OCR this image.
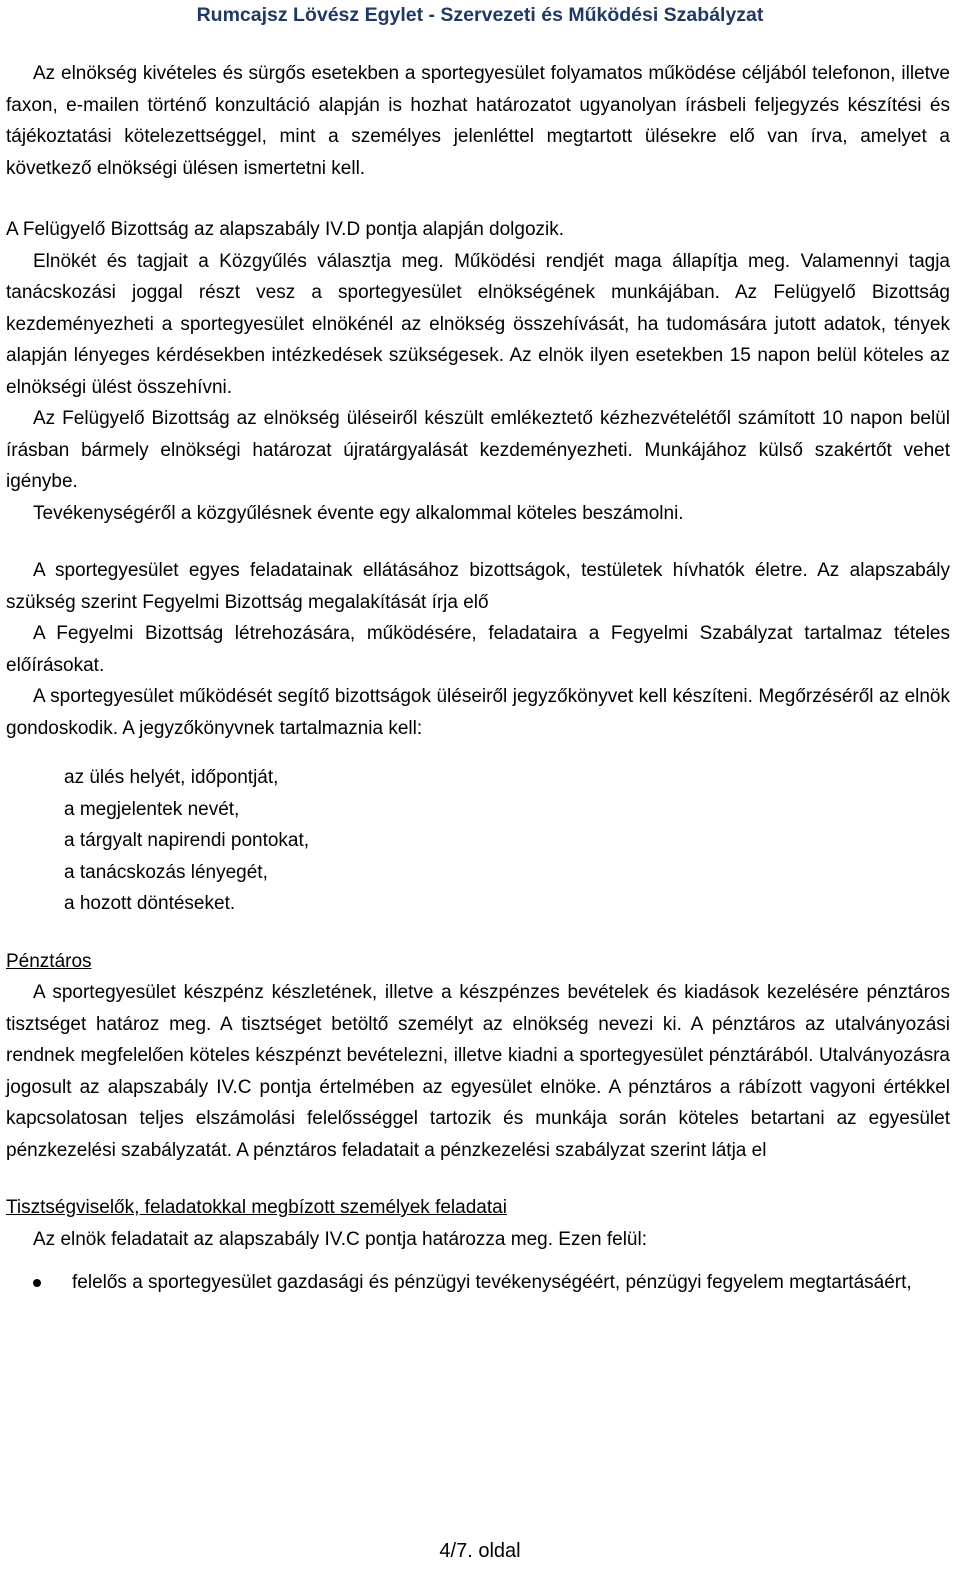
Rumcajsz Lövész Egylet - Szervezeti és Működési Szabályzat

Az elnökség kivételes és sürgős esetekben a sportegyesület folyamatos működése céljából telefonon, illetve faxon, e-mailen történő konzultáció alapján is hozhat határozatot ugyanolyan írásbeli feljegyzés készítési és tájékoztatási kötelezettséggel, mint a személyes jelenléttel megtartott ülésekre elő van írva, amelyet a következő elnökségi ülésen ismertetni kell.

A Felügyelő Bizottság az alapszabály IV.D pontja alapján dolgozik.

Elnökét és tagjait a Közgyűlés választja meg. Működési rendjét maga állapítja meg. Valamennyi tagja tanácskozási joggal részt vesz a sportegyesület elnökségének munkájában. Az Felügyelő Bizottság kezdeményezheti a sportegyesület elnökénél az elnökség összehívását, ha tudomására jutott adatok, tények alapján lényeges kérdésekben intézkedések szükségesek. Az elnök ilyen esetekben 15 napon belül köteles az elnökségi ülést összehívni.

Az Felügyelő Bizottság az elnökség üléseiről készült emlékeztető kézhezvételétől számított 10 napon belül írásban bármely elnökségi határozat újratárgyalását kezdeményezheti. Munkájához külső szakértőt vehet igénybe.

Tevékenységéről a közgyűlésnek évente egy alkalommal köteles beszámolni.

A sportegyesület egyes feladatainak ellátásához bizottságok, testületek hívhatók életre. Az alapszabály szükség szerint Fegyelmi Bizottság megalakítását írja elő

A Fegyelmi Bizottság létrehozására, működésére, feladataira a Fegyelmi Szabályzat tartalmaz tételes előírásokat.

A sportegyesület működését segítő bizottságok üléseiről jegyzőkönyvet kell készíteni. Megőrzéséről az elnök gondoskodik. A jegyzőkönyvnek tartalmaznia kell:

az ülés helyét, időpontját,
a megjelentek nevét,
a tárgyalt napirendi pontokat,
a tanácskozás lényegét,
a hozott döntéseket.

Pénztáros

A sportegyesület készpénz készletének, illetve a készpénzes bevételek és kiadások kezelésére pénztáros tisztséget határoz meg. A tisztséget betöltő személyt az elnökség nevezi ki. A pénztáros az utalványozási rendnek megfelelően köteles készpénzt bevételezni, illetve kiadni a sportegyesület pénztárából. Utalványozásra jogosult az alapszabály IV.C pontja értelmében az egyesület elnöke. A pénztáros a rábízott vagyoni értékkel kapcsolatosan teljes elszámolási felelősséggel tartozik és munkája során köteles betartani az egyesület pénzkezelési szabályzatát. A pénztáros feladatait a pénzkezelési szabályzat szerint látja el

Tisztségviselők, feladatokkal megbízott személyek feladatai

Az elnök feladatait az alapszabály IV.C pontja határozza meg. Ezen felül:

felelős a sportegyesület gazdasági és pénzügyi tevékenységéért, pénzügyi fegyelem megtartásáért,
4/7. oldal
